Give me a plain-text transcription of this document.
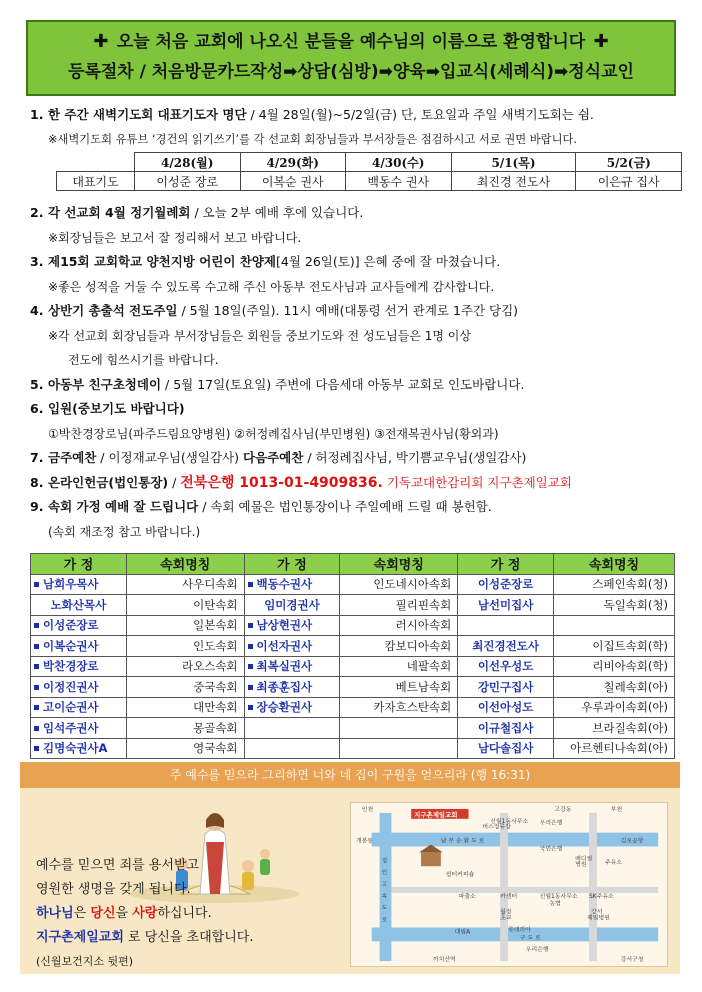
✚ 오늘 처음 교회에 나오신 분들을 예수님의 이름으로 환영합니다 ✚
등록절차 / 처음방문카드작성➡상담(심방)➡양육➡입교식(세례식)➡정식교인
1. 한 주간 새벽기도회 대표기도자 명단 / 4월 28일(월)~5/2일(금) 단, 토요일과 주일 새벽기도회는 쉼.
※새벽기도회 유튜브 ‘경건의 읽기쓰기’를 각 선교회 회장님들과 부서장들은 점검하시고 서로 권면 바랍니다.
2. 각 선교회 4월 정기월례회 / 오늘 2부 예배 후에 있습니다.
※회장님들은 보고서 잘 정리해서 보고 바랍니다.
3. 제15회 교회학교 양천지방 어린이 찬양제[4월 26일(토)] 은혜 중에 잘 마쳤습니다.
※좋은 성적을 거둘 수 있도록 수고해 주신 아동부 전도사님과 교사들에게 감사합니다.
4. 상반기 총출석 전도주일 / 5월 18일(주일). 11시 예배(대통령 선거 관계로 1주간 당김)
※각 선교회 회장님들과 부서장님들은 회원들 중보기도와 전 성도님들은 1명 이상
전도에 힘쓰시기를 바랍니다.
5. 아동부 친구초청데이 / 5월 17일(토요일) 주변에 다음세대 아동부 교회로 인도바랍니다.
6. 입원(중보기도 바랍니다)
①박찬경장로님(파주드림요양병원) ②허정례집사님(부민병원) ③전재복권사님(황외과)
7. 금주예찬 / 이정재교우님(생일감사) 다음주예찬 / 허정례집사님, 박기쁨교우님(생일감사)
8. 온라인헌금(법인통장) / 전북은행 1013-01-4909836. 기독교대한감리회 지구촌제일교회
9. 속회 가정 예배 잘 드립니다 / 속회 예물은 법인통장이나 주일예배 드릴 때 봉헌함.
(속회 재조정 참고 바랍니다.)
	4/28(월)	4/29(화)	4/30(수)	5/1(목)	5/2(금)
대표기도	이성준 장로	이복순 권사	백동수 권사	최진경 전도사	이은규 집사
가 정	속회명칭	가 정	속회명칭	가 정	속회명칭
남희우목사	사우디속회	백동수권사	인도네시아속회	이성준장로	스페인속회(청)
노화산목사	이탄속회	임미경권사	필리핀속회	남선미집사	독일속회(청)
이성준장로	일본속회	남상현권사	러시아속회		
이복순권사	인도속회	이선자권사	캄보디아속회	최진경전도사	이집트속회(학)
박찬경장로	라오스속회	최복실권사	네팔속회	이선우성도	리비아속회(학)
이정진권사	중국속회	최종훈집사	베트남속회	강민구집사	칠레속회(아)
고이순권사	대만속회	장승환권사	카자흐스탄속회	이선아성도	우루과이속회(아)
임석주권사	몽골속회			이규철집사	브라질속회(아)
김명숙권사A	영국속회			남다솔집사	아르헨티나속회(아)
주 예수를 믿으라 그리하면 너와 네 집이 구원을 얻으리라 (행 16:31)
예수를 믿으면 죄를 용서받고
영원한 생명을 갖게 됩니다.
하나님은 당신을 사랑하십니다.
지구촌제일교회 로 당신을 초대합니다.
(신월보건지소 뒷편)
지구촌제일교회
인천	고강동	부천
개봉동	김포공항
남 부 순 환 도 로
신월1동사무소
버스정류장
우리은행
국민은행
메디컬
병원	주유소
쉼터커피숍
파출소	카센터	신월1동사무소
농협
SK주유소
강서
제일병원
월정
초교
대림A	롯데리아
구 도 로
우리은행
까치산역	강서구청
경
인
고
속
도
로
